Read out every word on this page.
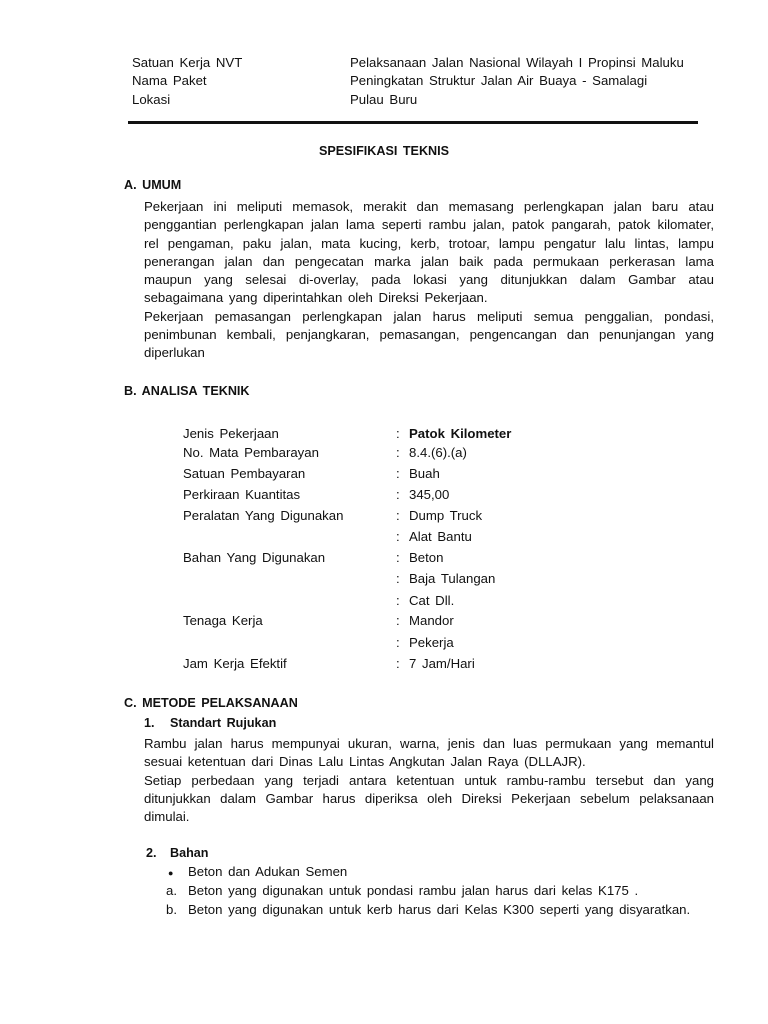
Satuan Kerja NVT	Pelaksanaan Jalan Nasional Wilayah I Propinsi Maluku
Nama Paket	Peningkatan Struktur Jalan Air Buaya - Samalagi
Lokasi	Pulau Buru
SPESIFIKASI TEKNIS
A. UMUM

Pekerjaan ini meliputi memasok, merakit dan memasang perlengkapan jalan baru atau penggantian perlengkapan jalan lama seperti rambu jalan, patok pangarah, patok kilomater, rel pengaman, paku jalan, mata kucing, kerb, trotoar, lampu pengatur lalu lintas, lampu penerangan jalan dan pengecatan marka jalan baik pada permukaan perkerasan lama maupun yang selesai di-overlay, pada lokasi yang ditunjukkan dalam Gambar atau sebagaimana yang diperintahkan oleh Direksi Pekerjaan.

Pekerjaan pemasangan perlengkapan jalan harus meliputi semua penggalian, pondasi, penimbunan kembali, penjangkaran, pemasangan, pengencangan dan penunjangan yang diperlukan

B. ANALISA TEKNIK
Jenis Pekerjaan	: Patok Kilometer
No. Mata Pembarayan	: 8.4.(6).(a)
Satuan Pembayaran	: Buah
Perkiraan Kuantitas	: 345,00
Peralatan Yang Digunakan	: Dump Truck
: Alat Bantu
Bahan Yang Digunakan	: Beton
: Baja Tulangan
: Cat Dll.
Tenaga Kerja	: Mandor
: Pekerja
Jam Kerja Efektif	: 7 Jam/Hari
C. METODE PELAKSANAAN
1. Standart Rujukan

Rambu jalan harus mempunyai ukuran, warna, jenis dan luas permukaan yang memantul sesuai ketentuan dari Dinas Lalu Lintas Angkutan Jalan Raya (DLLAJR).

Setiap perbedaan yang terjadi antara ketentuan untuk rambu-rambu tersebut dan yang ditunjukkan dalam Gambar harus diperiksa oleh Direksi Pekerjaan sebelum pelaksanaan dimulai.

2. Bahan
● Beton dan Adukan Semen
a. Beton yang digunakan untuk pondasi rambu jalan harus dari kelas K175 .
b. Beton yang digunakan untuk kerb harus dari Kelas K300 seperti yang disyaratkan.
